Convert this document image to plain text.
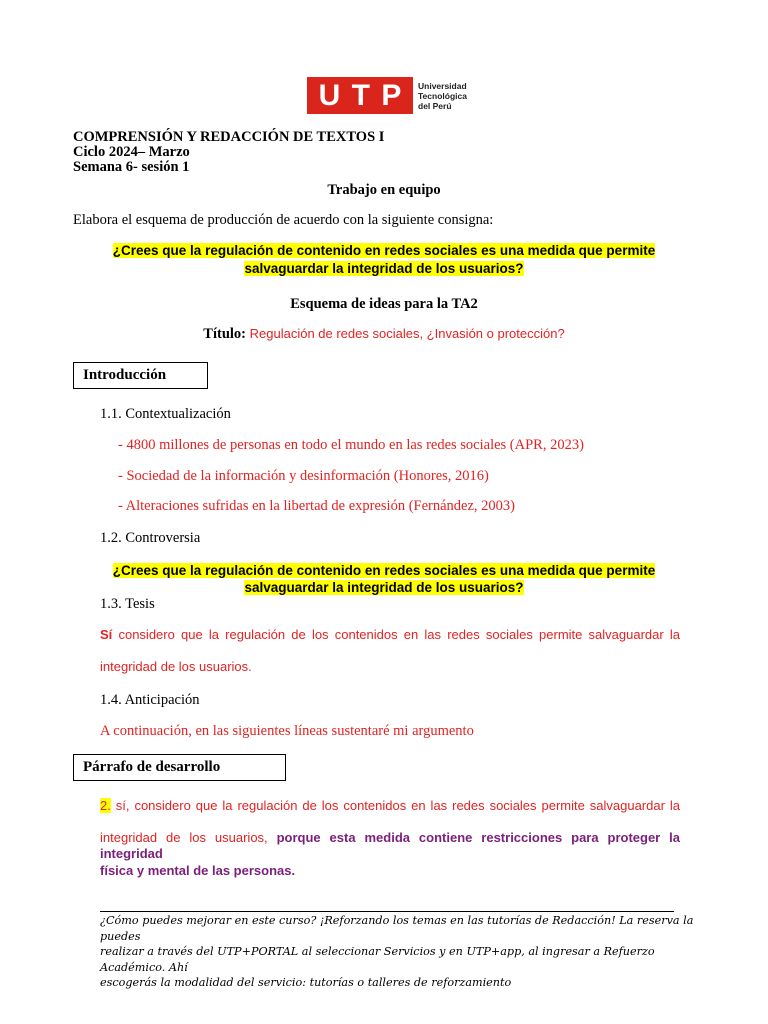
U T P Universidad
Tecnológica
del Perú
COMPRENSIÓN Y REDACCIÓN DE TEXTOS I
Ciclo 2024– Marzo
Semana 6- sesión 1
Trabajo en equipo
Elabora el esquema de producción de acuerdo con la siguiente consigna:
¿Crees que la regulación de contenido en redes sociales es una medida que permite
salvaguardar la integridad de los usuarios?
Esquema de ideas para la TA2
Título: Regulación de redes sociales, ¿Invasión o protección?
Introducción
1.1. Contextualización
- 4800 millones de personas en todo el mundo en las redes sociales (APR, 2023)
- Sociedad de la información y desinformación (Honores, 2016)
- Alteraciones sufridas en la libertad de expresión (Fernández, 2003)
1.2. Controversia
¿Crees que la regulación de contenido en redes sociales es una medida que permite
salvaguardar la integridad de los usuarios?
1.3. Tesis
Sí considero que la regulación de los contenidos en las redes sociales permite salvaguardar la
integridad de los usuarios.
1.4. Anticipación
A continuación, en las siguientes líneas sustentaré mi argumento
Párrafo de desarrollo
2. sí, considero que la regulación de los contenidos en las redes sociales permite salvaguardar la
integridad de los usuarios, porque esta medida contiene restricciones para proteger la integridad
física y mental de las personas.
¿Cómo puedes mejorar en este curso? ¡Reforzando los temas en las tutorías de Redacción! La reserva la puedes
realizar a través del UTP+PORTAL al seleccionar Servicios y en UTP+app, al ingresar a Refuerzo Académico. Ahí
escogerás la modalidad del servicio: tutorías o talleres de reforzamiento
